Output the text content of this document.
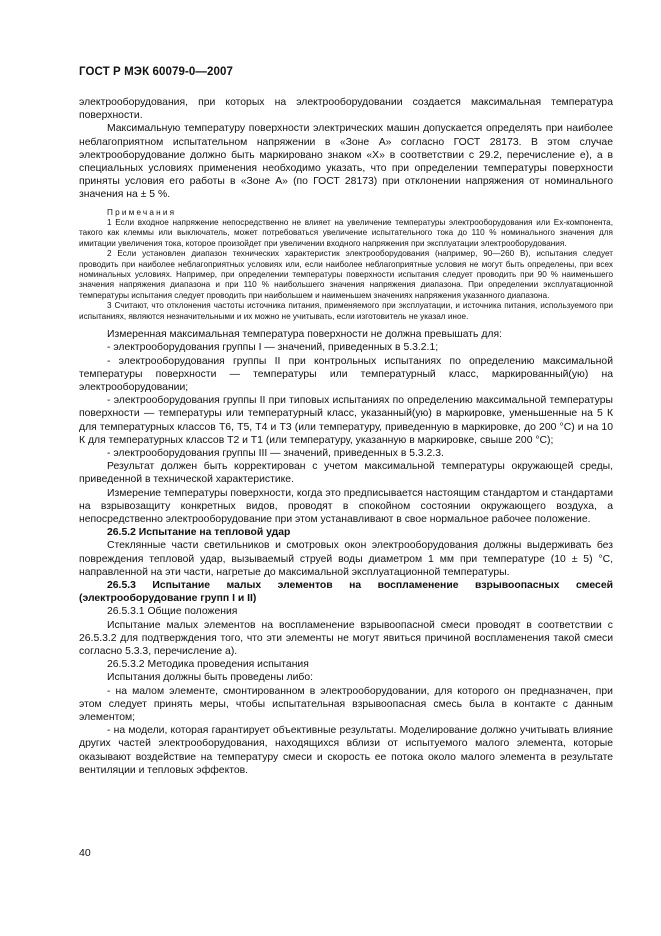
ГОСТ Р МЭК 60079-0—2007

электрооборудования, при которых на электрооборудовании создается максимальная температура поверхности.

Максимальную температуру поверхности электрических машин допускается определять при наиболее неблагоприятном испытательном напряжении в «Зоне А» согласно ГОСТ 28173. В этом случае электрооборудование должно быть маркировано знаком «X» в соответствии с 29.2, перечисление е), а в специальных условиях применения необходимо указать, что при определении температуры поверхности приняты условия его работы в «Зоне А» (по ГОСТ 28173) при отклонении напряжения от номинального значения на ± 5 %.

Примечания

1 Если входное напряжение непосредственно не влияет на увеличение температуры электрооборудования или Ex-компонента, такого как клеммы или выключатель, может потребоваться увеличение испытательного тока до 110 % номинального значения для имитации увеличения тока, которое произойдет при увеличении входного напряжения при эксплуатации электрооборудования.

2 Если установлен диапазон технических характеристик электрооборудования (например, 90—260 В), испытания следует проводить при наиболее неблагоприятных условиях или, если наиболее неблагоприятные условия не могут быть определены, при всех номинальных условиях. Например, при определении температуры поверхности испытания следует проводить при 90 % наименьшего значения напряжения диапазона и при 110 % наибольшего значения напряжения диапазона. При определении эксплуатационной температуры испытания следует проводить при наибольшем и наименьшем значениях напряжения указанного диапазона.

3 Считают, что отклонения частоты источника питания, применяемого при эксплуатации, и источника питания, используемого при испытаниях, являются незначительными и их можно не учитывать, если изготовитель не указал иное.

Измеренная максимальная температура поверхности не должна превышать для:

- электрооборудования группы I — значений, приведенных в 5.3.2.1;

- электрооборудования группы II при контрольных испытаниях по определению максимальной температуры поверхности — температуры или температурный класс, маркированный(ую) на электрооборудовании;

- электрооборудования группы II при типовых испытаниях по определению максимальной температуры поверхности — температуры или температурный класс, указанный(ую) в маркировке, уменьшенные на 5 К для температурных классов Т6, Т5, Т4 и Т3 (или температуру, приведенную в маркировке, до 200 °С) и на 10 К для температурных классов Т2 и Т1 (или температуру, указанную в маркировке, свыше 200 °С);

- электрооборудования группы III — значений, приведенных в 5.3.2.3.

Результат должен быть корректирован с учетом максимальной температуры окружающей среды, приведенной в технической характеристике.

Измерение температуры поверхности, когда это предписывается настоящим стандартом и стандартами на взрывозащиту конкретных видов, проводят в спокойном состоянии окружающего воздуха, а непосредственно электрооборудование при этом устанавливают в свое нормальное рабочее положение.

26.5.2 Испытание на тепловой удар

Стеклянные части светильников и смотровых окон электрооборудования должны выдерживать без повреждения тепловой удар, вызываемый струей воды диаметром 1 мм при температуре (10 ± 5) °С, направленной на эти части, нагретые до максимальной эксплуатационной температуры.

26.5.3 Испытание малых элементов на воспламенение взрывоопасных смесей (электрооборудование групп I и II)

26.5.3.1 Общие положения

Испытание малых элементов на воспламенение взрывоопасной смеси проводят в соответствии с 26.5.3.2 для подтверждения того, что эти элементы не могут явиться причиной воспламенения такой смеси согласно 5.3.3, перечисление а).

26.5.3.2 Методика проведения испытания

Испытания должны быть проведены либо:

- на малом элементе, смонтированном в электрооборудовании, для которого он предназначен, при этом следует принять меры, чтобы испытательная взрывоопасная смесь была в контакте с данным элементом;

- на модели, которая гарантирует объективные результаты. Моделирование должно учитывать влияние других частей электрооборудования, находящихся вблизи от испытуемого малого элемента, которые оказывают воздействие на температуру смеси и скорость ее потока около малого элемента в результате вентиляции и тепловых эффектов.

40
